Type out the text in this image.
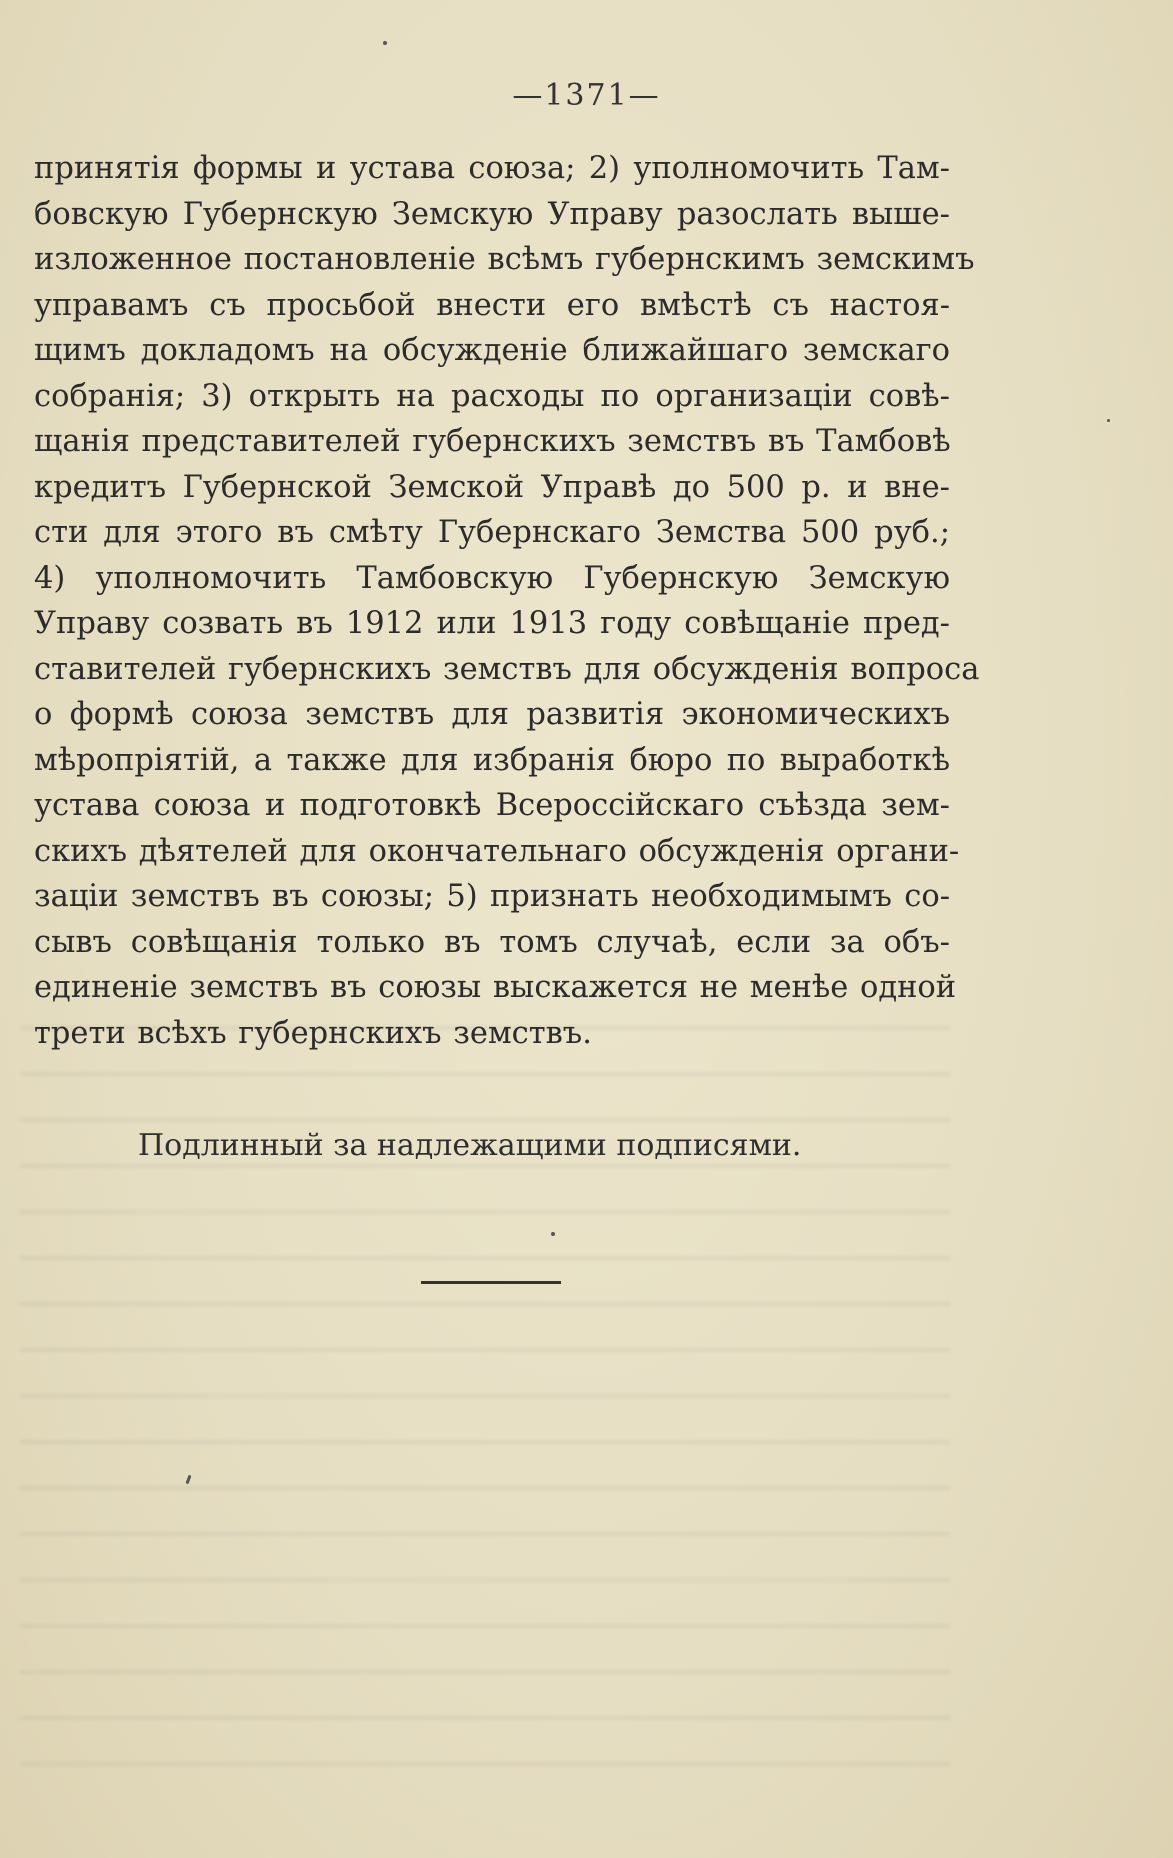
—1371—
принятія формы и устава союза; 2) уполномочить Там-
бовскую Губернскую Земскую Управу разослать выше-
изложенное постановленіе всѣмъ губернскимъ земскимъ
управамъ съ просьбой внести его вмѣстѣ съ настоя-
щимъ докладомъ на обсужденіе ближайшаго земскаго
собранія; 3) открыть на расходы по организаціи совѣ-
щанія представителей губернскихъ земствъ въ Тамбовѣ
кредитъ Губернской Земской Управѣ до 500 р. и вне-
сти для этого въ смѣту Губернскаго Земства 500 руб.;
4) уполномочить Тамбовскую Губернскую Земскую
Управу созвать въ 1912 или 1913 году совѣщаніе пред-
ставителей губернскихъ земствъ для обсужденія вопроса
о формѣ союза земствъ для развитія экономическихъ
мѣропріятій, а также для избранія бюро по выработкѣ
устава союза и подготовкѣ Всероссійскаго съѣзда зем-
скихъ дѣятелей для окончательнаго обсужденія органи-
заціи земствъ въ союзы; 5) признать необходимымъ со-
сывъ совѣщанія только въ томъ случаѣ, если за объ-
единеніе земствъ въ союзы выскажется не менѣе одной
трети всѣхъ губернскихъ земствъ.
Подлинный за надлежащими подписями.
